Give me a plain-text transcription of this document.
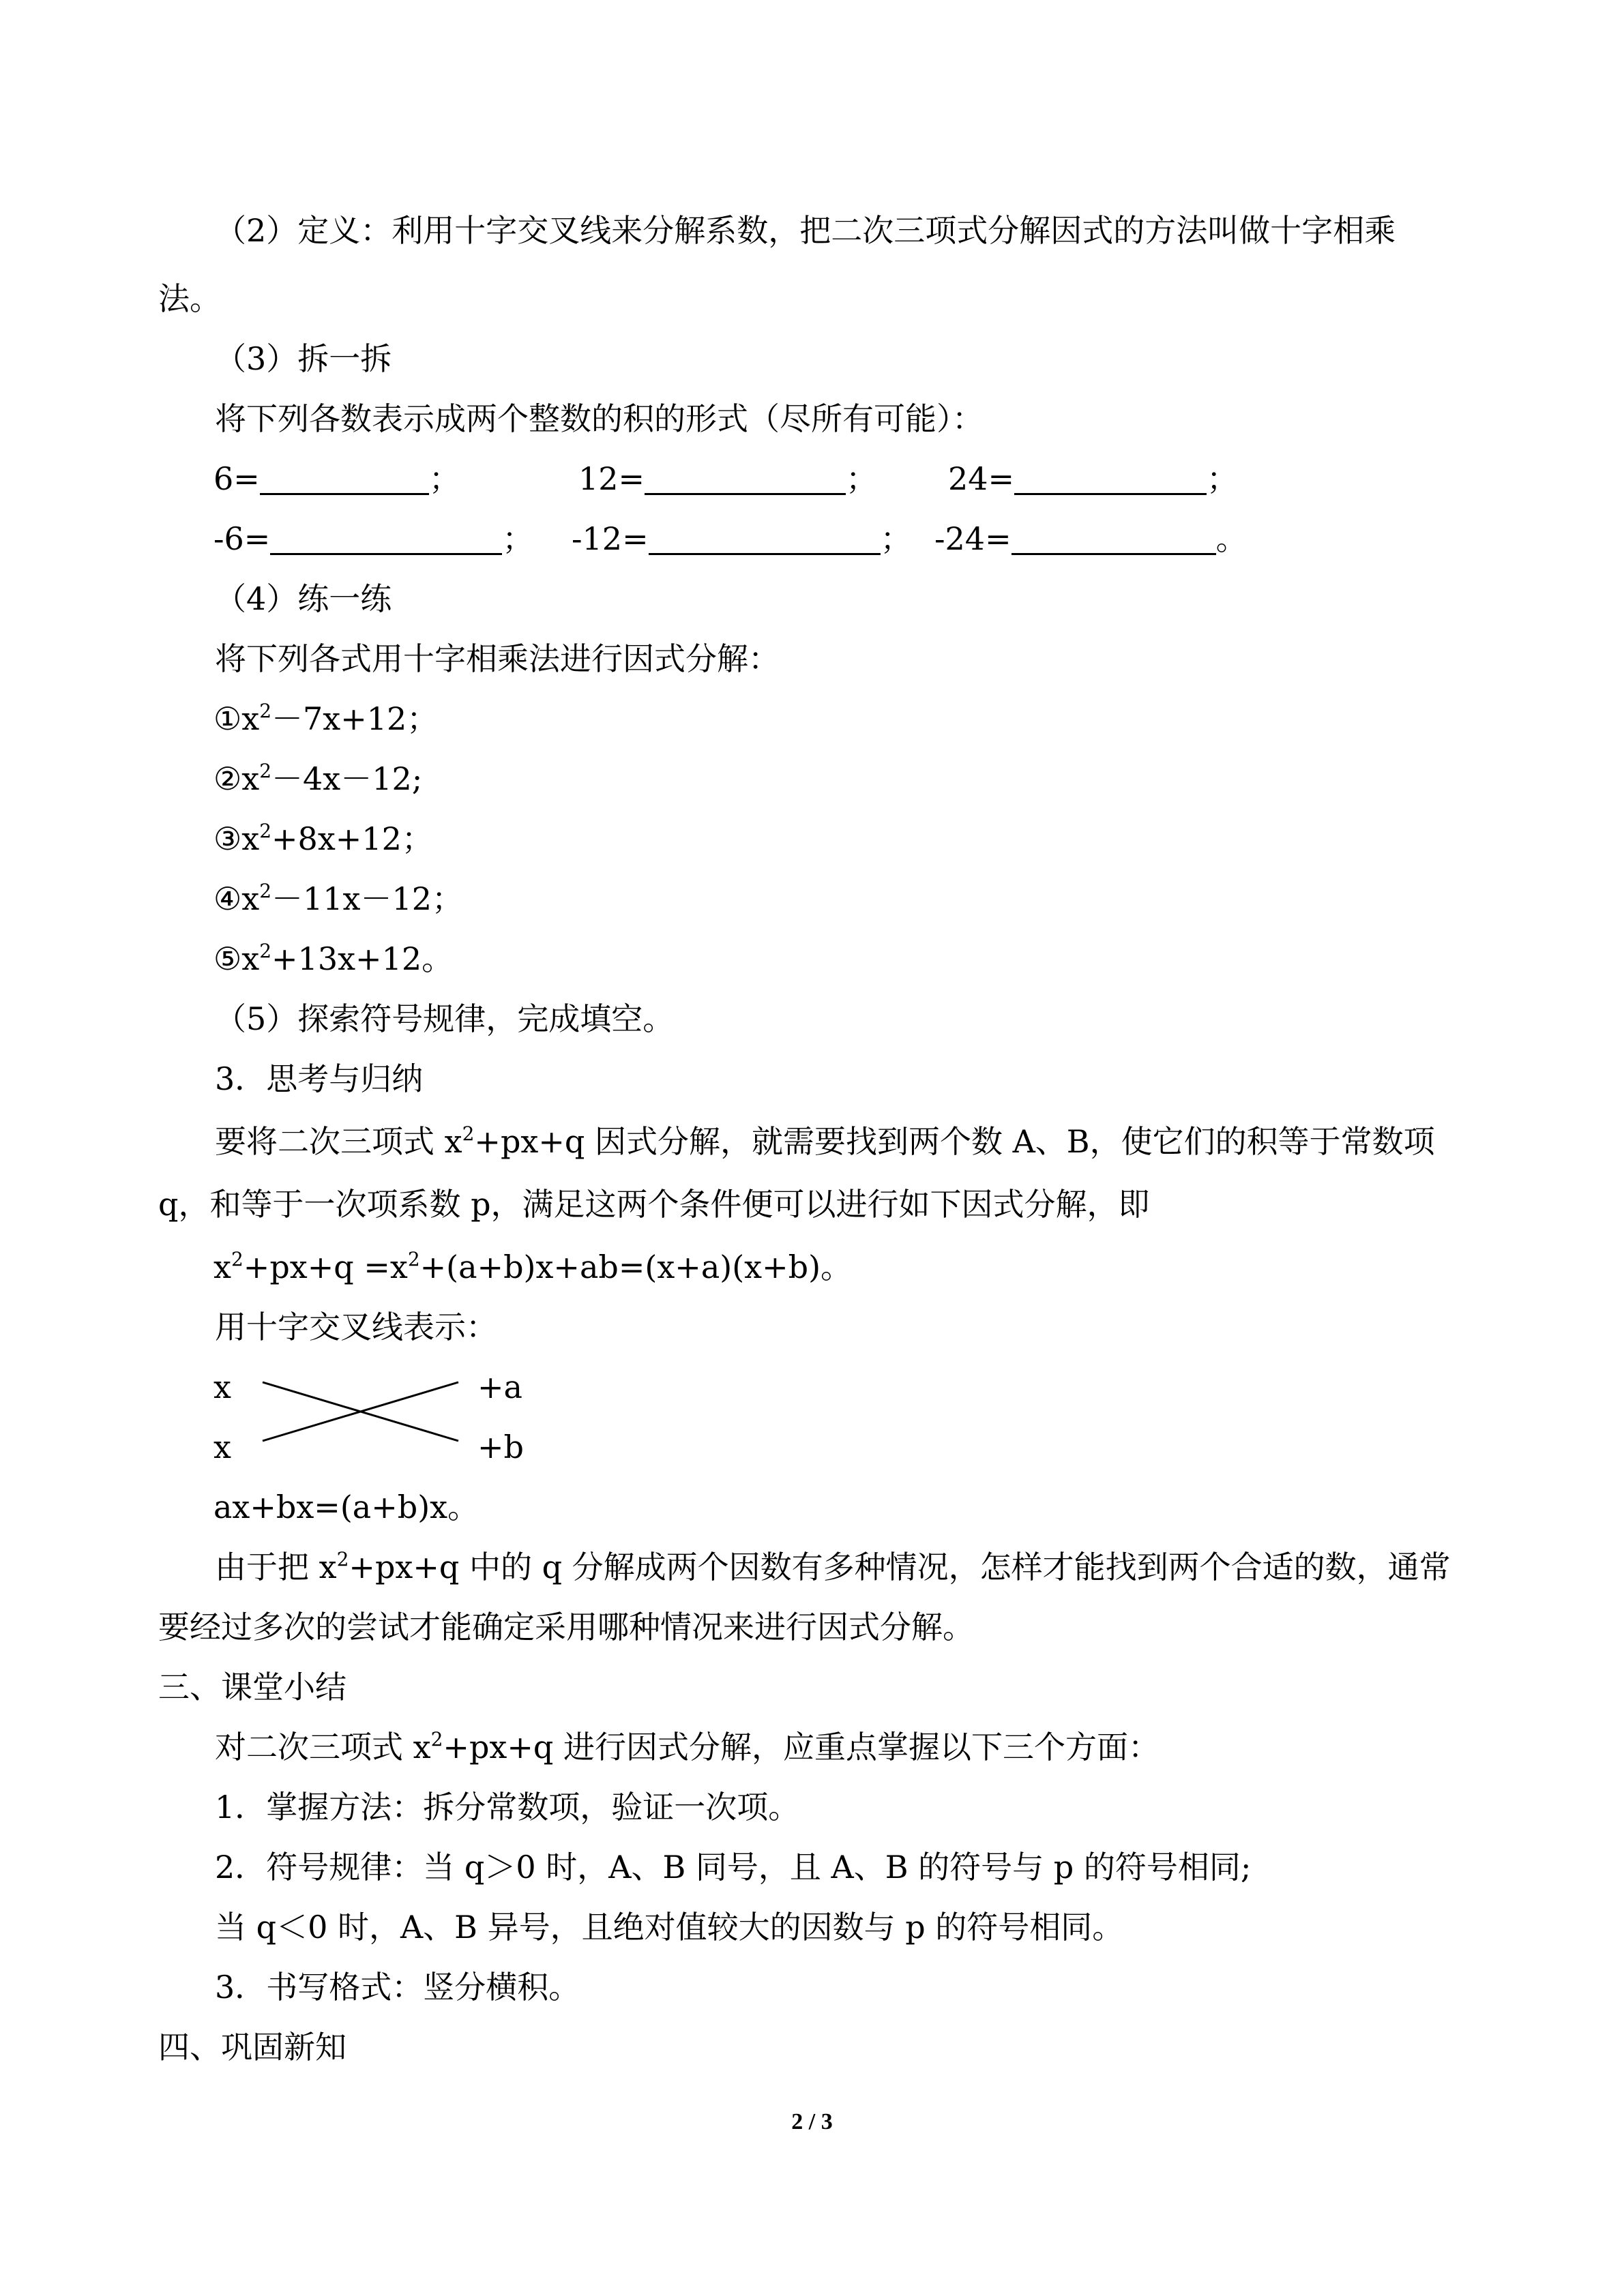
（2）定义：利用十字交叉线来分解系数，把二次三项式分解因式的方法叫做十字相乘
法。
（3）拆一拆
将下列各数表示成两个整数的积的形式（尽所有可能）：
6=	；	12=	； 24=	；
-6=	； -12=	； -24=	。
（4）练一练
将下列各式用十字相乘法进行因式分解：
$①x^2-7x+12$；
$②x^2-4x-12$;
$③x^2+8x+12$；
$④x^2-11x-12$；
$⑤x^2+13x+12$。
（5）探索符号规律，完成填空。
3．思考与归纳
要将二次三项式 $x^2+px+q$ 因式分解，就需要找到两个数 A、B，使它们的积等于常数项
q，和等于一次项系数 p，满足这两个条件便可以进行如下因式分解，即
$x^2+px+q =x^2+(a+b)x+ab=(x+a)(x+b)$。
用十字交叉线表示：
x
x
+a
+b
ax+bx=(a+b)x。
由于把 $x^2+px+q$ 中的 q 分解成两个因数有多种情况，怎样才能找到两个合适的数，通常
要经过多次的尝试才能确定采用哪种情况来进行因式分解。
三、课堂小结
对二次三项式 $x^2+px+q$ 进行因式分解，应重点掌握以下三个方面：
1．掌握方法：拆分常数项，验证一次项。
2．符号规律：当 q＞0 时，A、B 同号，且 A、B 的符号与 p 的符号相同;
当 q＜0 时，A、B 异号，且绝对值较大的因数与 p 的符号相同。
3．书写格式：竖分横积。
四、巩固新知
2 / 3
